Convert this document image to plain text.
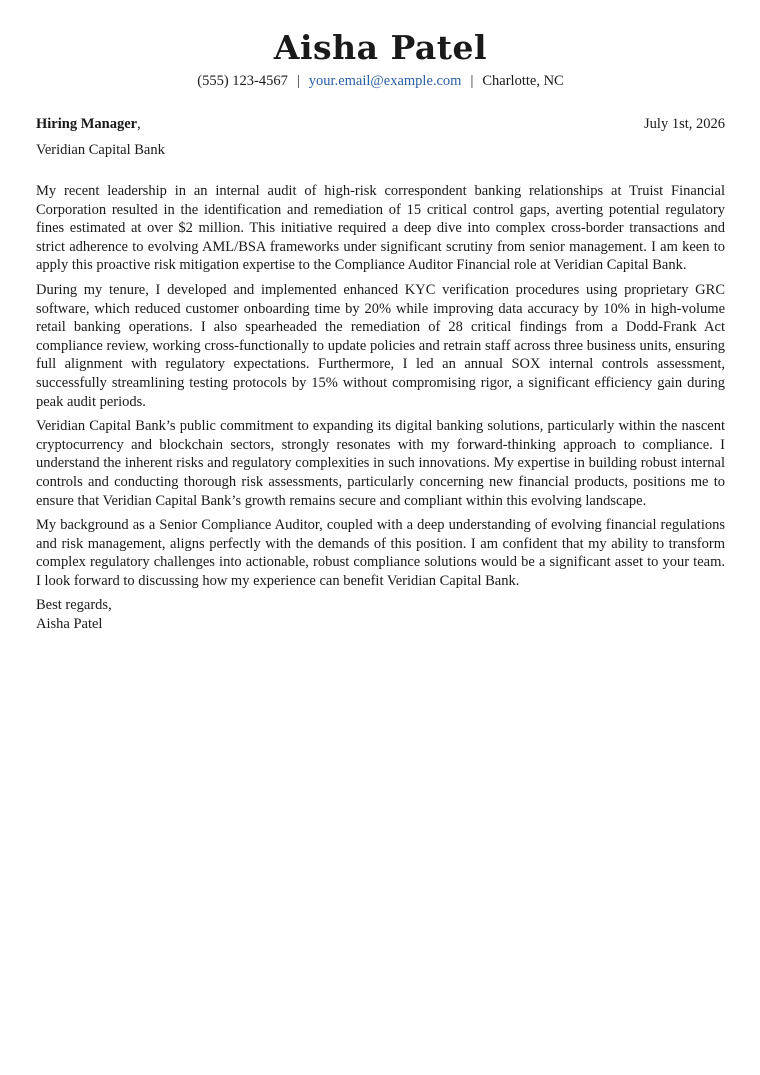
Aisha Patel
(555) 123-4567 | your.email@example.com | Charlotte, NC
Hiring Manager,	July 1st, 2026
Veridian Capital Bank

My recent leadership in an internal audit of high-risk correspondent banking relationships at Truist Financial Corporation resulted in the identification and remediation of 15 critical control gaps, averting potential regulatory fines estimated at over $2 million. This initiative required a deep dive into complex cross-border transactions and strict adherence to evolving AML/BSA frameworks under significant scrutiny from senior management. I am keen to apply this proactive risk mitigation expertise to the Compliance Auditor Financial role at Veridian Capital Bank.

During my tenure, I developed and implemented enhanced KYC verification procedures using proprietary GRC software, which reduced customer onboarding time by 20% while improving data accuracy by 10% in high-volume retail banking operations. I also spearheaded the remediation of 28 critical findings from a Dodd-Frank Act compliance review, working cross-functionally to update policies and retrain staff across three business units, ensuring full alignment with regulatory expectations. Furthermore, I led an annual SOX internal controls assessment, successfully streamlining testing protocols by 15% without compromising rigor, a significant efficiency gain during peak audit periods.

Veridian Capital Bank’s public commitment to expanding its digital banking solutions, particularly within the nascent cryptocurrency and blockchain sectors, strongly resonates with my forward-thinking approach to compliance. I understand the inherent risks and regulatory complexities in such innovations. My expertise in building robust internal controls and conducting thorough risk assessments, particularly concerning new financial products, positions me to ensure that Veridian Capital Bank’s growth remains secure and compliant within this evolving landscape.

My background as a Senior Compliance Auditor, coupled with a deep understanding of evolving financial regulations and risk management, aligns perfectly with the demands of this position. I am confident that my ability to transform complex regulatory challenges into actionable, robust compliance solutions would be a significant asset to your team. I look forward to discussing how my experience can benefit Veridian Capital Bank.

Best regards,
Aisha Patel
